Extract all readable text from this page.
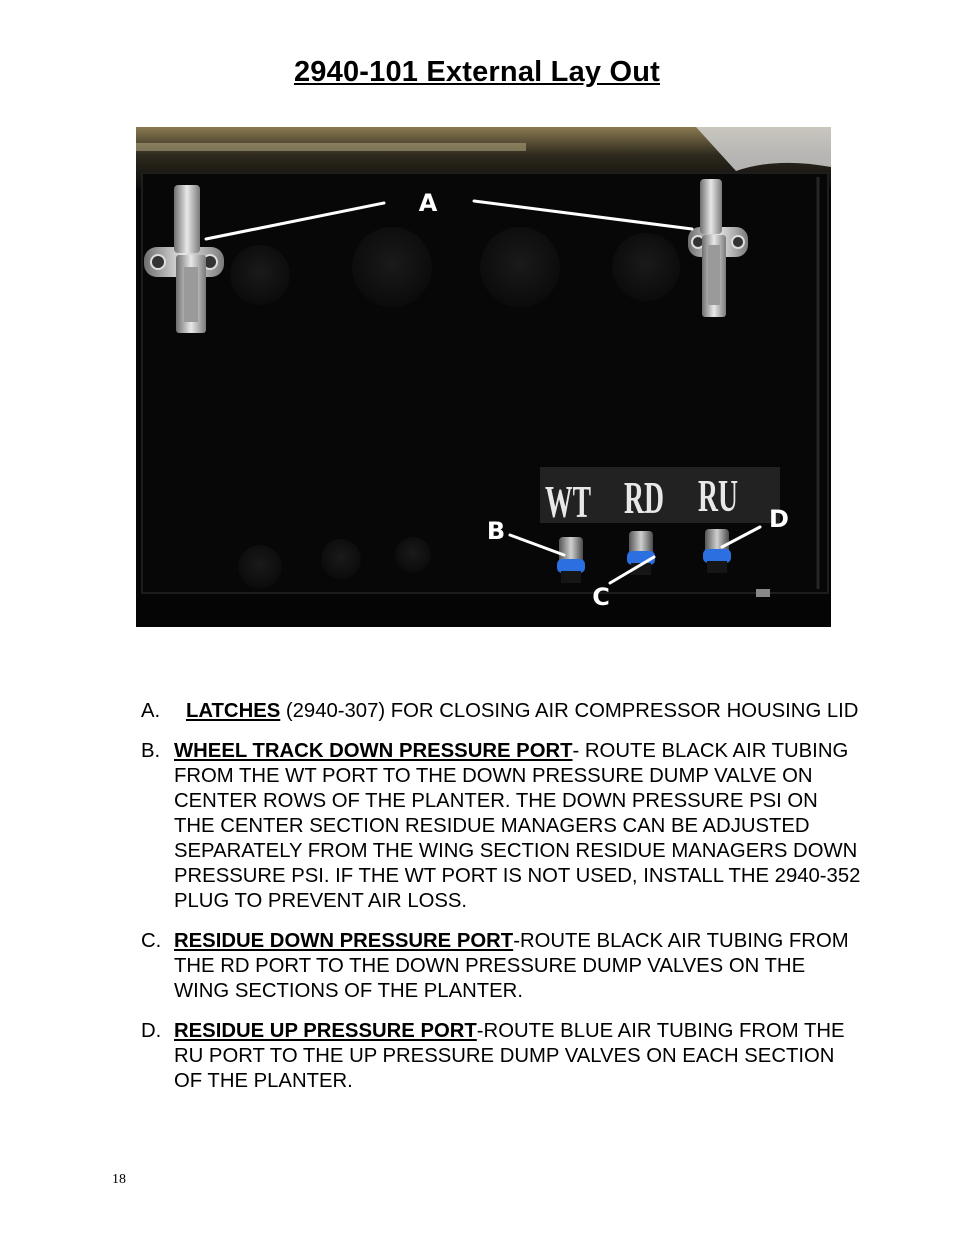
2940-101 External Lay Out
A
B
C
D
WT RD RU
A. LATCHES (2940-307) FOR CLOSING AIR COMPRESSOR HOUSING LID
B. WHEEL TRACK DOWN PRESSURE PORT- ROUTE BLACK AIR TUBING FROM THE WT PORT TO THE DOWN PRESSURE DUMP VALVE ON CENTER ROWS OF THE PLANTER. THE DOWN PRESSURE PSI ON THE CENTER SECTION RESIDUE MANAGERS CAN BE ADJUSTED SEPARATELY FROM THE WING SECTION RESIDUE MANAGERS DOWN PRESSURE PSI. IF THE WT PORT IS NOT USED, INSTALL THE 2940-352 PLUG TO PREVENT AIR LOSS.
C. RESIDUE DOWN PRESSURE PORT-ROUTE BLACK AIR TUBING FROM THE RD PORT TO THE DOWN PRESSURE DUMP VALVES ON THE WING SECTIONS OF THE PLANTER.
D. RESIDUE UP PRESSURE PORT-ROUTE BLUE AIR TUBING FROM THE RU PORT TO THE UP PRESSURE DUMP VALVES ON EACH SECTION OF THE PLANTER.
18
